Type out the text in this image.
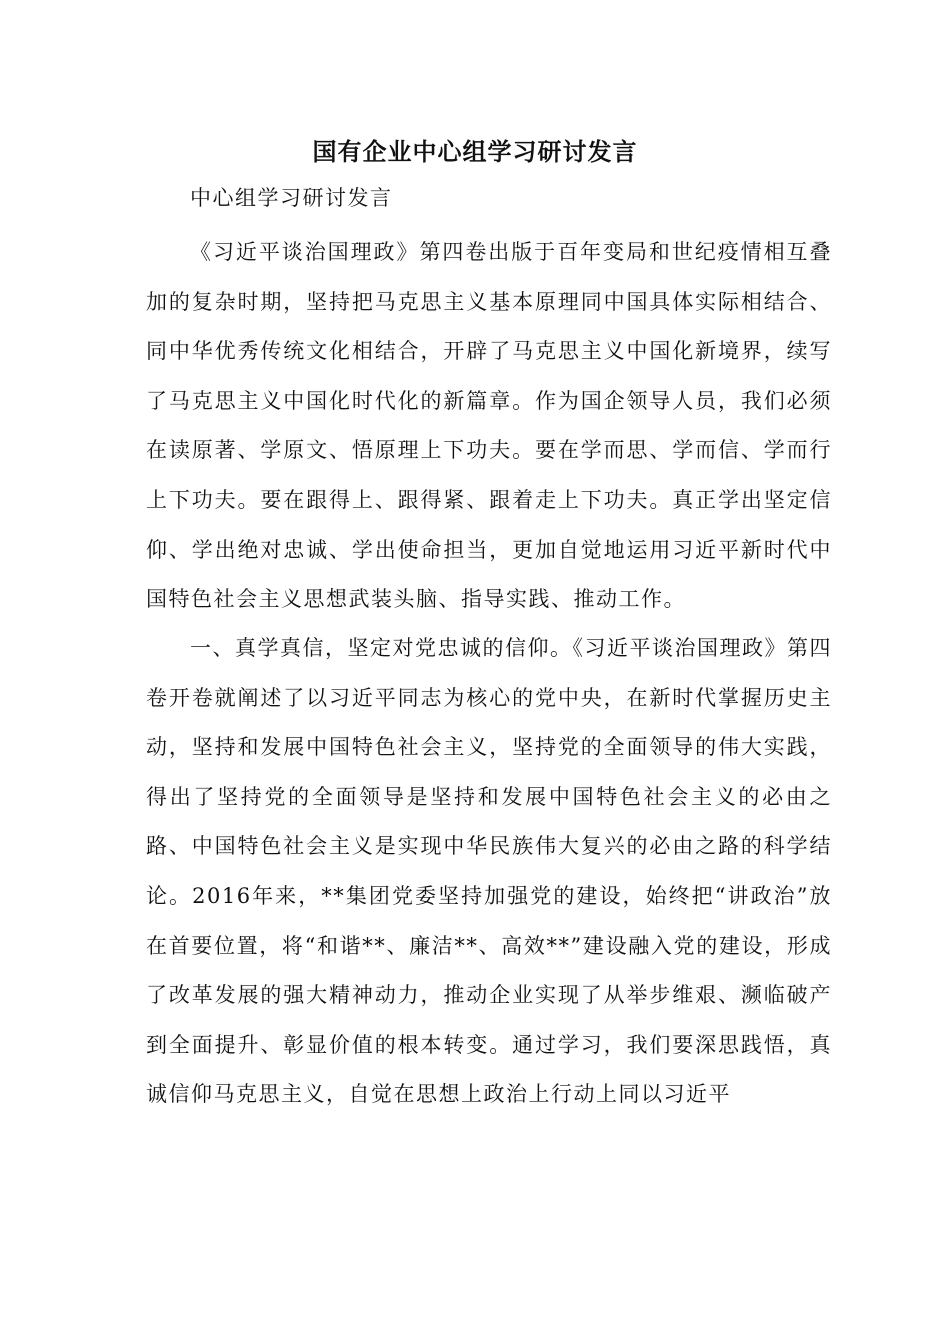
国有企业中心组学习研讨发言

中心组学习研讨发言

《习近平谈治国理政》第四卷出版于百年变局和世纪疫情相互叠加的复杂时期，坚持把马克思主义基本原理同中国具体实际相结合、同中华优秀传统文化相结合，开辟了马克思主义中国化新境界，续写了马克思主义中国化时代化的新篇章。作为国企领导人员，我们必须在读原著、学原文、悟原理上下功夫。要在学而思、学而信、学而行上下功夫。要在跟得上、跟得紧、跟着走上下功夫。真正学出坚定信仰、学出绝对忠诚、学出使命担当，更加自觉地运用习近平新时代中国特色社会主义思想武装头脑、指导实践、推动工作。

一、真学真信，坚定对党忠诚的信仰。《习近平谈治国理政》第四卷开卷就阐述了以习近平同志为核心的党中央，在新时代掌握历史主动，坚持和发展中国特色社会主义，坚持党的全面领导的伟大实践，得出了坚持党的全面领导是坚持和发展中国特色社会主义的必由之路、中国特色社会主义是实现中华民族伟大复兴的必由之路的科学结论。2016年来，**集团党委坚持加强党的建设，始终把“讲政治”放在首要位置，将“和谐**、廉洁**、高效**”建设融入党的建设，形成了改革发展的强大精神动力，推动企业实现了从举步维艰、濒临破产到全面提升、彰显价值的根本转变。通过学习，我们要深思践悟，真诚信仰马克思主义，自觉在思想上政治上行动上同以习近平
